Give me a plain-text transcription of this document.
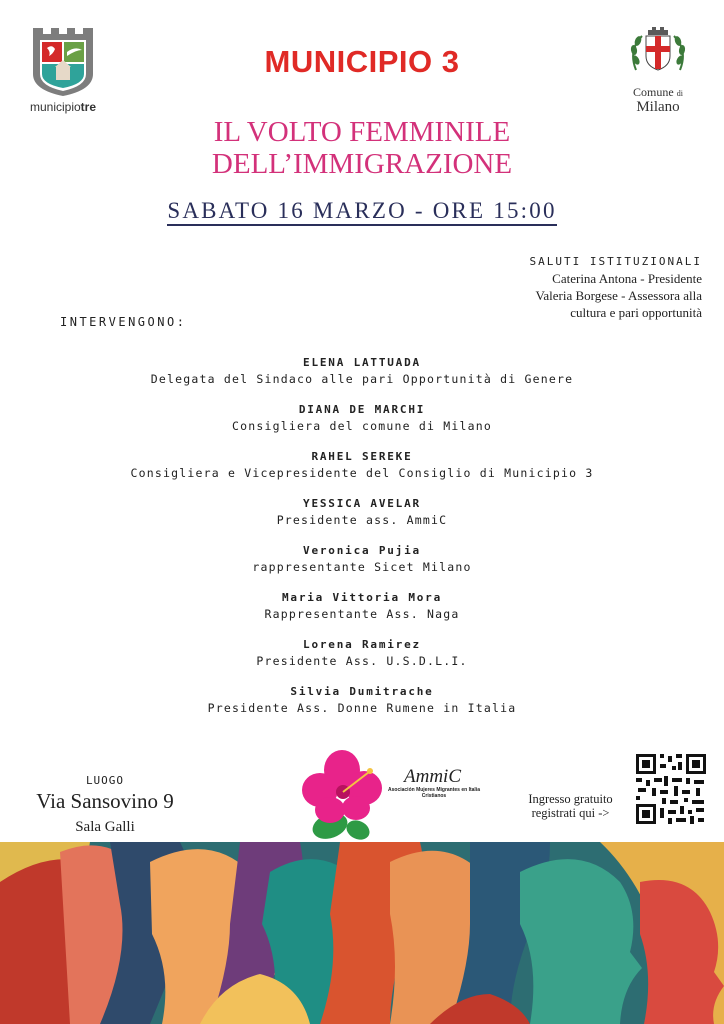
municipiotre
MUNICIPIO 3
IL VOLTO FEMMINILE
DELL’IMMIGRAZIONE
SABATO 16 MARZO - ORE 15:00
Comune di
Milano
SALUTI ISTITUZIONALI
Caterina Antona - Presidente
Valeria Borgese - Assessora alla
cultura e pari opportunità
INTERVENGONO:
ELENA LATTUADA
Delegata del Sindaco alle pari Opportunità di Genere
DIANA DE MARCHI
Consigliera del comune di Milano
RAHEL SEREKE
Consigliera e Vicepresidente del Consiglio di Municipio 3
YESSICA AVELAR
Presidente ass. AmmiC
Veronica Pujia
rappresentante Sicet Milano
Maria Vittoria Mora
Rappresentante Ass. Naga
Lorena Ramirez
Presidente Ass. U.S.D.L.I.
Silvia Dumitrache
Presidente Ass. Donne Rumene in Italia
LUOGO
Via Sansovino 9
Sala Galli
AmmiC
Asociación Mujeres Migrantes en Italia
Cristianos	Ingresso gratuito
registrati qui ->
